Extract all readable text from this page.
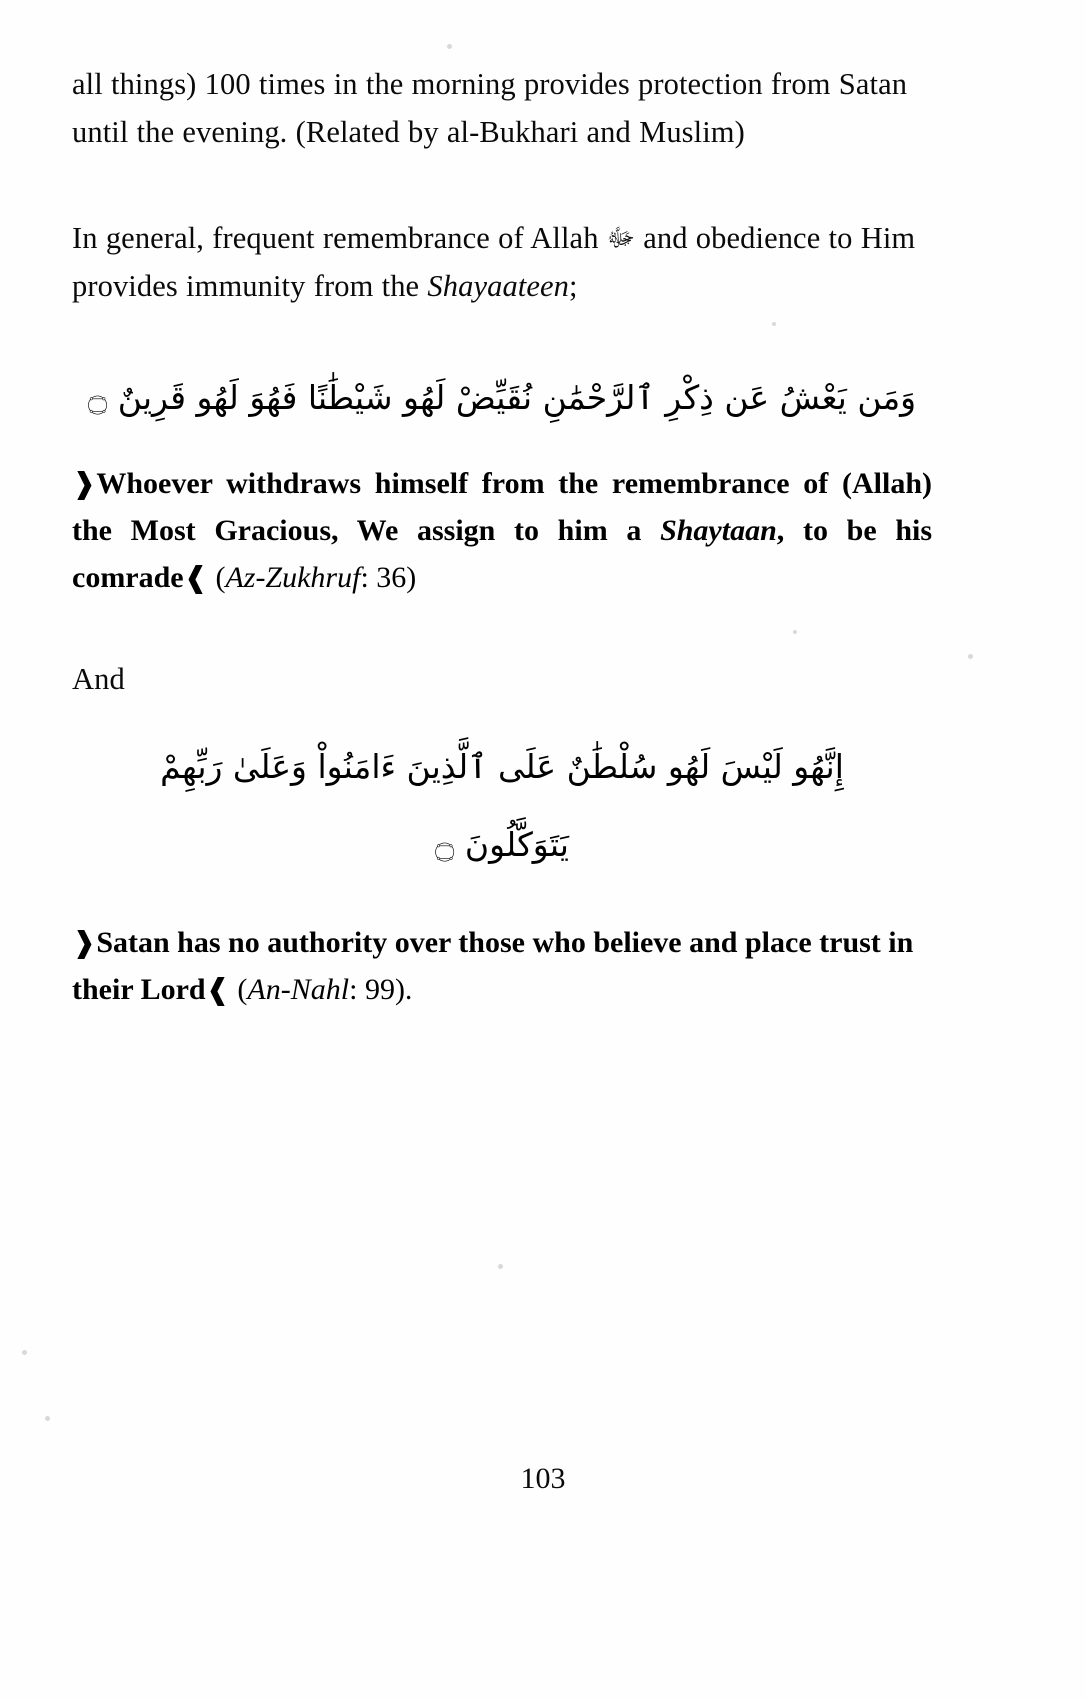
all things) 100 times in the morning provides protection from Satan until the evening. (Related by al-Bukhari and Muslim)

In general, frequent remembrance of Allah ﷻ and obedience to Him provides immunity from the Shayaateen;

وَمَن يَعْشُ عَن ذِكْرِ ٱلرَّحْمَٰنِ نُقَيِّضْ لَهُو شَيْطَٰنًا فَهُوَ لَهُو قَرِينٌ ۝
❱Whoever withdraws himself from the remembrance of (Allah) the Most Gracious, We assign to him a Shaytaan, to be his comrade❰ (Az-Zukhruf: 36)

And

إِنَّهُو لَيْسَ لَهُو سُلْطَٰنٌ عَلَى ٱلَّذِينَ ءَامَنُواْ وَعَلَىٰ رَبِّهِمْ
يَتَوَكَّلُونَ ۝
❱Satan has no authority over those who believe and place trust in their Lord❰ (An-Nahl: 99).
103
